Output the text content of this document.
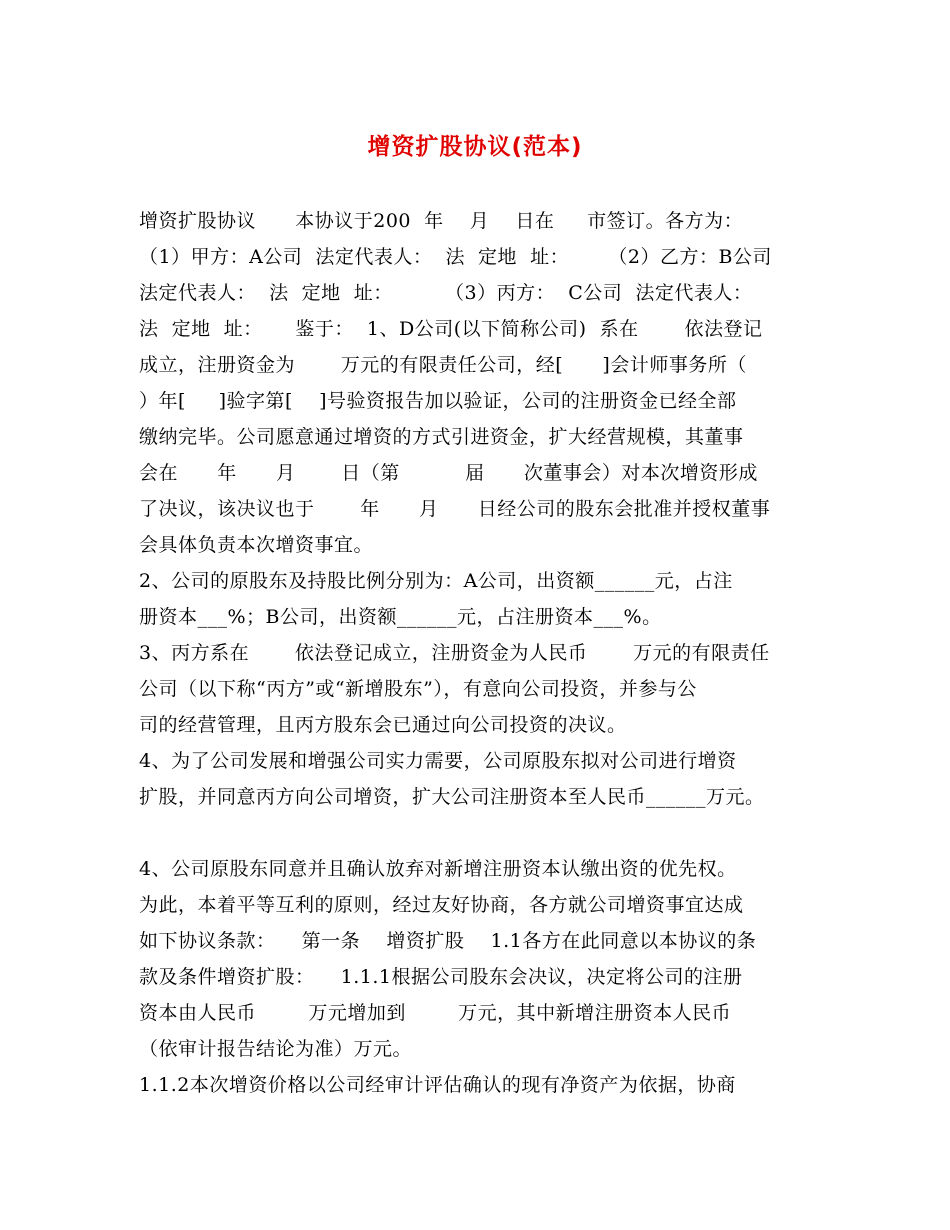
增资扩股协议(范本)
增资扩股协议      本协议于200  年    月    日在     市签订。各方为：
（1）甲方：A公司  法定代表人：  法  定地  址：      （2）乙方：B公司
法定代表人：  法  定地  址：        （3）丙方：  C公司  法定代表人：
法  定地  址：     鉴于：  1、D公司(以下简称公司)  系在       依法登记
成立，注册资金为       万元的有限责任公司，经[      ]会计师事务所（
）年[     ]验字第[    ]号验资报告加以验证，公司的注册资金已经全部
缴纳完毕。公司愿意通过增资的方式引进资金，扩大经营规模，其董事
会在      年      月       日（第          届      次董事会）对本次增资形成
了决议，该决议也于       年      月      日经公司的股东会批准并授权董事
会具体负责本次增资事宜。
2、公司的原股东及持股比例分别为：A公司，出资额______元，占注
册资本___%；B公司，出资额______元，占注册资本___%。
3、丙方系在       依法登记成立，注册资金为人民币       万元的有限责任
公司（以下称“丙方”或“新增股东”），有意向公司投资，并参与公
司的经营管理，且丙方股东会已通过向公司投资的决议。
4、为了公司发展和增强公司实力需要，公司原股东拟对公司进行增资
扩股，并同意丙方向公司增资，扩大公司注册资本至人民币______万元。
4、公司原股东同意并且确认放弃对新增注册资本认缴出资的优先权。
为此，本着平等互利的原则，经过友好协商，各方就公司增资事宜达成
如下协议条款：    第一条    增资扩股    1.1各方在此同意以本协议的条
款及条件增资扩股：    1.1.1根据公司股东会决议，决定将公司的注册
资本由人民币        万元增加到        万元，其中新增注册资本人民币
（依审计报告结论为准）万元。
1.1.2本次增资价格以公司经审计评估确认的现有净资产为依据，协商
